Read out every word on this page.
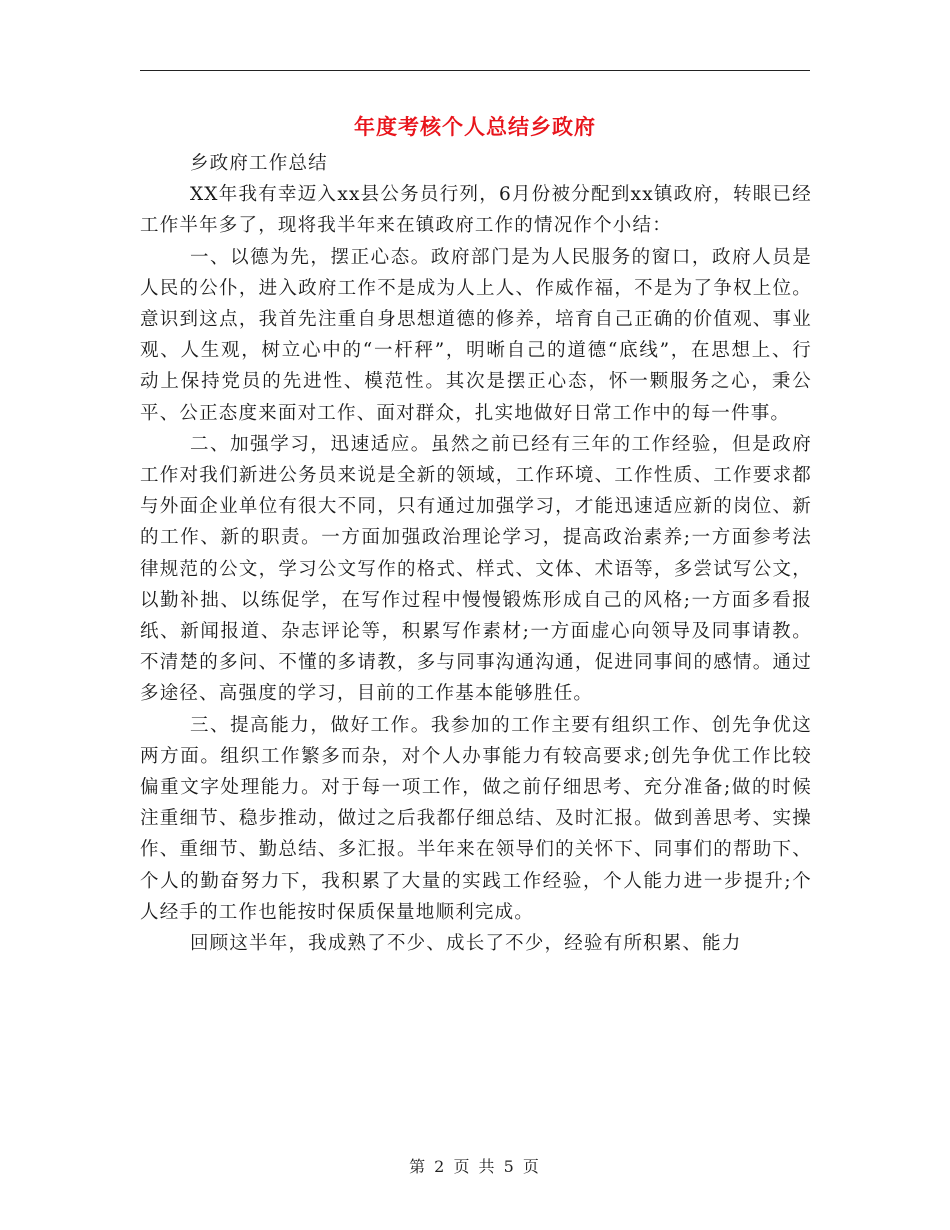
年度考核个人总结乡政府

乡政府工作总结

XX年我有幸迈入xx县公务员行列，6月份被分配到xx镇政府，转眼已经工作半年多了，现将我半年来在镇政府工作的情况作个小结：

一、以德为先，摆正心态。政府部门是为人民服务的窗口，政府人员是人民的公仆，进入政府工作不是成为人上人、作威作福，不是为了争权上位。意识到这点，我首先注重自身思想道德的修养，培育自己正确的价值观、事业观、人生观，树立心中的“一杆秤”，明晰自己的道德“底线”，在思想上、行动上保持党员的先进性、模范性。其次是摆正心态，怀一颗服务之心，秉公平、公正态度来面对工作、面对群众，扎实地做好日常工作中的每一件事。

二、加强学习，迅速适应。虽然之前已经有三年的工作经验，但是政府工作对我们新进公务员来说是全新的领域，工作环境、工作性质、工作要求都与外面企业单位有很大不同，只有通过加强学习，才能迅速适应新的岗位、新的工作、新的职责。一方面加强政治理论学习，提高政治素养;一方面参考法律规范的公文，学习公文写作的格式、样式、文体、术语等，多尝试写公文，以勤补拙、以练促学，在写作过程中慢慢锻炼形成自己的风格;一方面多看报纸、新闻报道、杂志评论等，积累写作素材;一方面虚心向领导及同事请教。不清楚的多问、不懂的多请教，多与同事沟通沟通，促进同事间的感情。通过多途径、高强度的学习，目前的工作基本能够胜任。

三、提高能力，做好工作。我参加的工作主要有组织工作、创先争优这两方面。组织工作繁多而杂，对个人办事能力有较高要求;创先争优工作比较偏重文字处理能力。对于每一项工作，做之前仔细思考、充分准备;做的时候注重细节、稳步推动，做过之后我都仔细总结、及时汇报。做到善思考、实操作、重细节、勤总结、多汇报。半年来在领导们的关怀下、同事们的帮助下、个人的勤奋努力下，我积累了大量的实践工作经验，个人能力进一步提升;个人经手的工作也能按时保质保量地顺利完成。

回顾这半年，我成熟了不少、成长了不少，经验有所积累、能力

第 2 页 共 5 页
